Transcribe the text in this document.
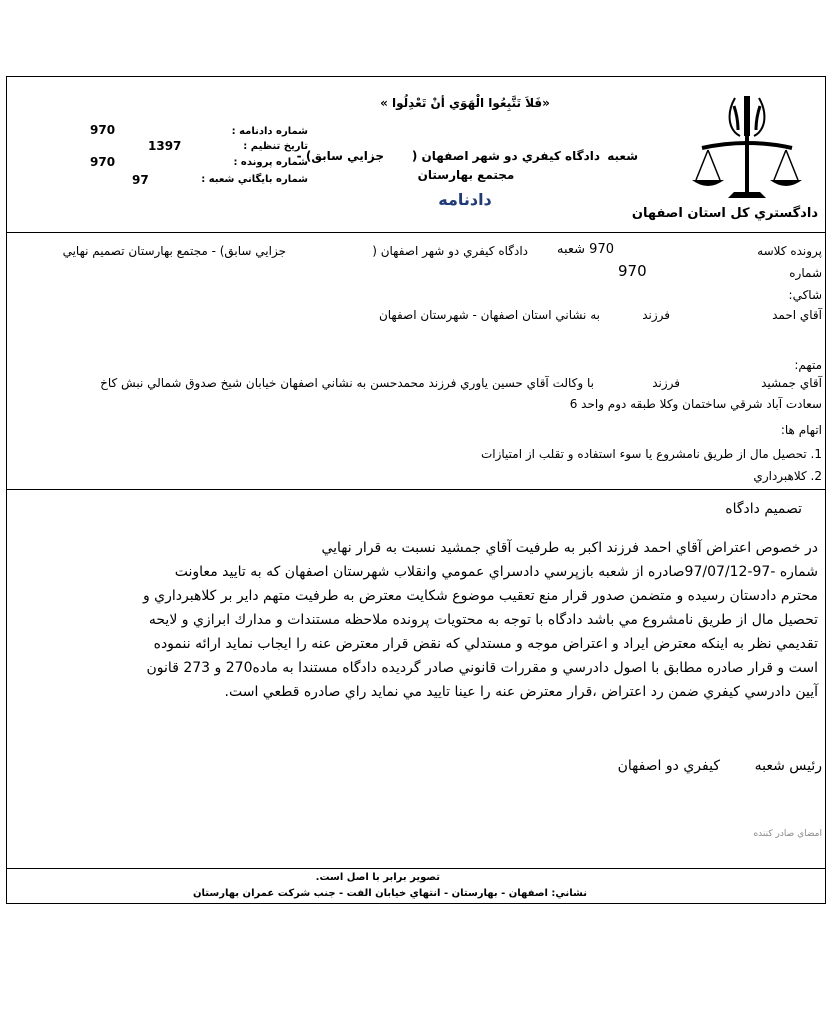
«فَلاَ تَتَّبِعُوا الْهَوَي أنْ تَعْدِلُوا »
دادگستري كل استان اصفهان
شعبه
دادگاه کيفري دو شهر اصفهان (
جزايي سابق) -
مجتمع بهارستان
دادنامه
شماره دادنامه :
970
تاريخ تنظيم :
1397
شماره پرونده :
970
شماره بايگاني شعبه :
97
پرونده كلاسه
970 شعبه
دادگاه كيفري دو شهر اصفهان (
جزايي سابق) - مجتمع بهارستان تصميم نهايي
شماره
970
شاكي:
آقاي احمد
فرزند
به نشاني استان اصفهان - شهرستان اصفهان
متهم:
آقاي جمشيد
فرزند
با وكالت آقاي حسين ياوري فرزند محمدحسن به نشاني اصفهان خيابان شيخ صدوق شمالي نبش كاخ
سعادت آباد شرقي ساختمان وكلا طبقه دوم واحد 6
اتهام ها:
1. تحصيل مال از طريق نامشروع يا سوء استفاده و تقلب از امتيازات
2. كلاهبرداري
تصميم دادگاه
در خصوص اعتراض آقاي احمد فرزند اكبر به طرفيت آقاي جمشيد نسبت به قرار نهايي
شماره -97-‎97/07/12صادره از شعبه بازپرسي دادسراي عمومي وانقلاب شهرستان اصفهان كه به تاييد معاونت
محترم دادستان رسيده و متضمن صدور قرار منع تعقيب موضوع شكايت معترض به طرفيت متهم داير بر كلاهبرداري و
تحصيل مال از طريق نامشروع مي باشد دادگاه با توجه به محتويات پرونده ملاحظه مستندات و مدارك ابرازي و لايحه
تقديمي نظر به اينكه معترض ايراد و اعتراض موجه و مستدلي كه نقض قرار معترض عنه را ايجاب نمايد ارائه ننموده
است و قرار صادره مطابق با اصول دادرسي و مقررات قانوني صادر گرديده دادگاه مستندا به ماده270 و 273 قانون
آيين دادرسي كيفري ضمن رد اعتراض ،قرار معترض عنه را عينا تاييد مي نمايد راي صادره قطعي است.
رئيس شعبه
كيفري دو اصفهان
امضاي صادر كننده
تصوير برابر با اصل است.
نشاني: اصفهان - بهارستان - انتهاي خيابان الفت - جنب شركت عمران بهارستان
